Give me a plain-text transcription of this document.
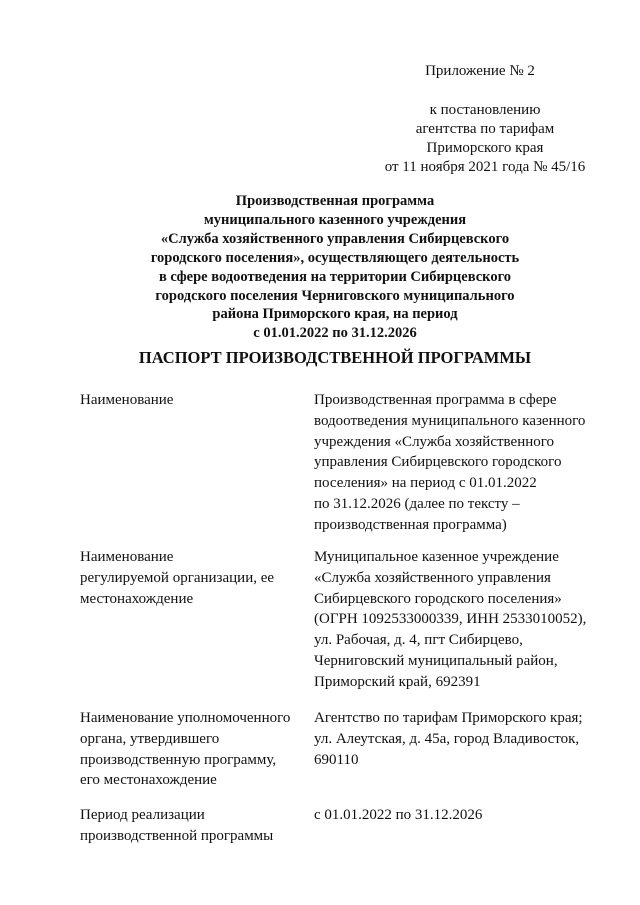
Приложение № 2
к постановлению
агентства по тарифам
Приморского края
от 11 ноября 2021 года № 45/16
Производственная программа
муниципального казенного учреждения
«Служба хозяйственного управления Сибирцевского
городского поселения», осуществляющего деятельность
в сфере водоотведения на территории Сибирцевского
городского поселения Черниговского муниципального
района Приморского края, на период
с 01.01.2022 по 31.12.2026
ПАСПОРТ ПРОИЗВОДСТВЕННОЙ ПРОГРАММЫ
Наименование	Производственная программа в сфере
водоотведения муниципального казенного
учреждения «Служба хозяйственного
управления Сибирцевского городского
поселения» на период с 01.01.2022
по 31.12.2026 (далее по тексту –
производственная программа)
Наименование
регулируемой организации, ее
местонахождение
Муниципальное казенное учреждение
«Служба хозяйственного управления
Сибирцевского городского поселения»
(ОГРН 1092533000339, ИНН 2533010052),
ул. Рабочая, д. 4, пгт Сибирцево,
Черниговский муниципальный район,
Приморский край, 692391
Наименование уполномоченного
органа, утвердившего
производственную программу,
его местонахождение
Агентство по тарифам Приморского края;
ул. Алеутская, д. 45а, город Владивосток,
690110
Период реализации
производственной программы
с 01.01.2022 по 31.12.2026
